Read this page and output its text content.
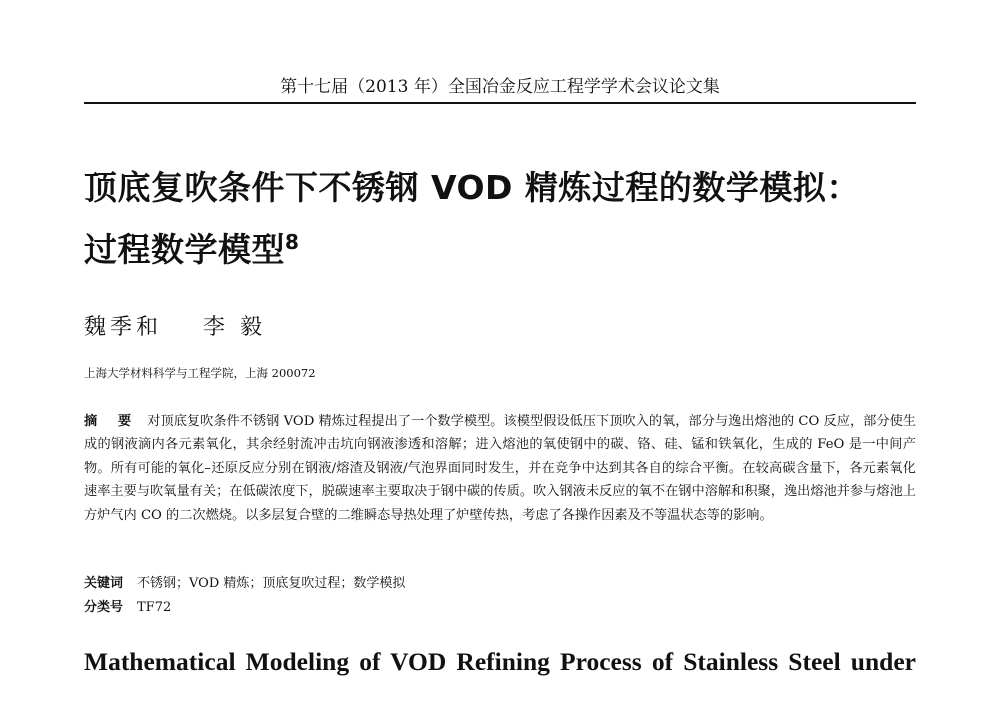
第十七届（2013 年）全国冶金反应工程学学术会议论文集
顶底复吹条件下不锈钢 VOD 精炼过程的数学模拟：
过程数学模型$^8$
魏季和 李 毅
上海大学材料科学与工程学院，上海 200072
摘 要 对顶底复吹条件不锈钢 VOD 精炼过程提出了一个数学模型。该模型假设低压下顶吹入的氧，部分与逸出熔池的 CO 反应，部分使生成的钢液滴内各元素氧化，其余经射流冲击坑向钢液渗透和溶解；进入熔池的氧使钢中的碳、铬、硅、锰和铁氧化，生成的 FeO 是一中间产物。所有可能的氧化–还原反应分别在钢液/熔渣及钢液/气泡界面同时发生，并在竞争中达到其各自的综合平衡。在较高碳含量下，各元素氧化速率主要与吹氧量有关；在低碳浓度下，脱碳速率主要取决于钢中碳的传质。吹入钢液未反应的氧不在钢中溶解和积聚，逸出熔池并参与熔池上方炉气内 CO 的二次燃烧。以多层复合壁的二维瞬态导热处理了炉壁传热，考虑了各操作因素及不等温状态等的影响。
关键词 不锈钢；VOD 精炼；顶底复吹过程；数学模拟
分类号 TF72
Mathematical Modeling of VOD Refining Process of Stainless Steel under
